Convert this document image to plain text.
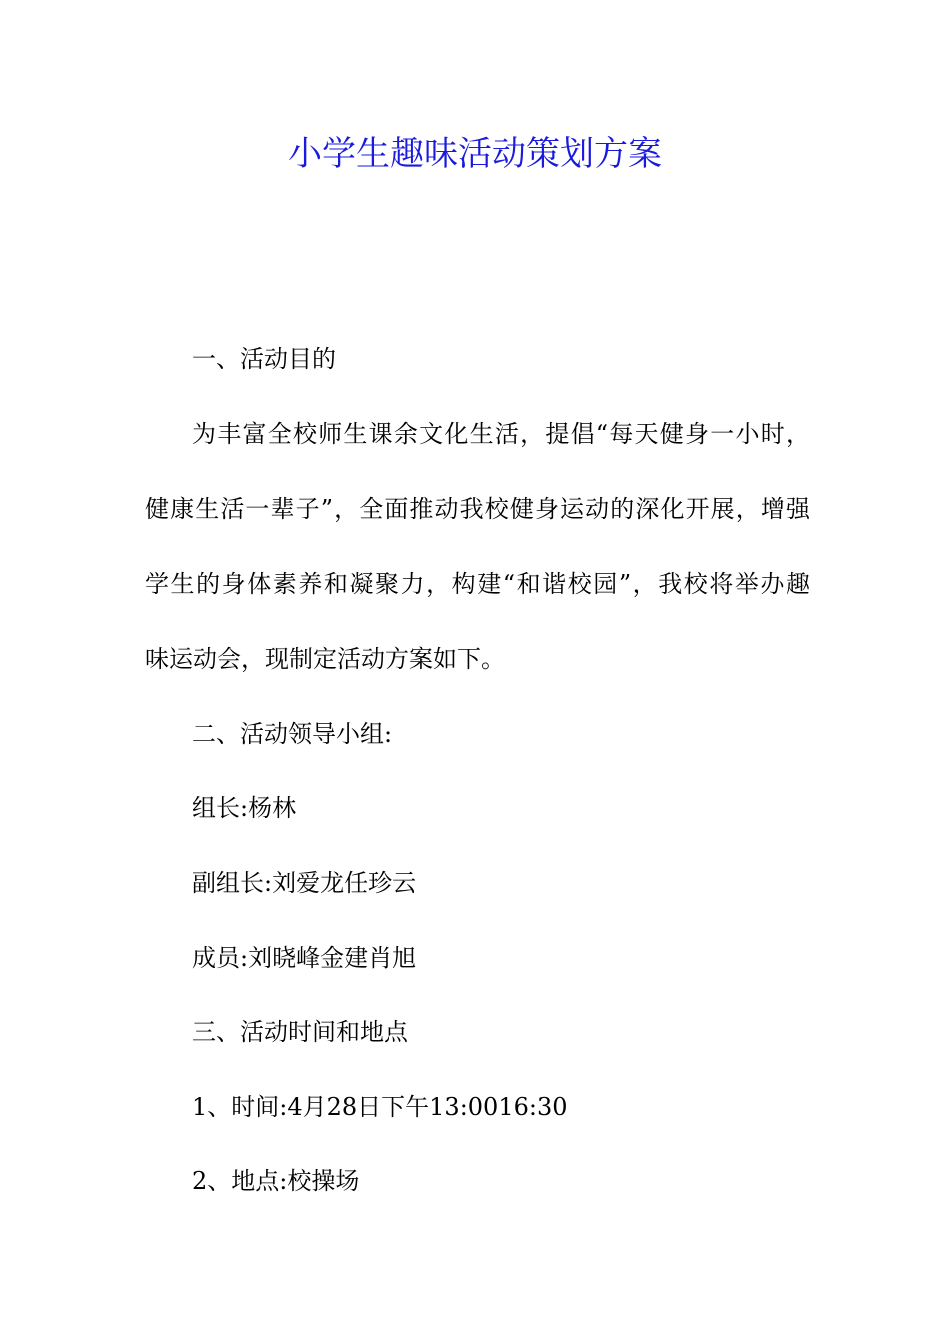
小学生趣味活动策划方案

一、活动目的

为丰富全校师生课余文化生活，提倡“每天健身一小时，

健康生活一辈子”，全面推动我校健身运动的深化开展，增强

学生的身体素养和凝聚力，构建“和谐校园”，我校将举办趣

味运动会，现制定活动方案如下。

二、活动领导小组:

组长:杨林

副组长:刘爱龙任珍云

成员:刘晓峰金建肖旭

三、活动时间和地点

1、时间:4月28日下午13:0016:30

2、地点:校操场
